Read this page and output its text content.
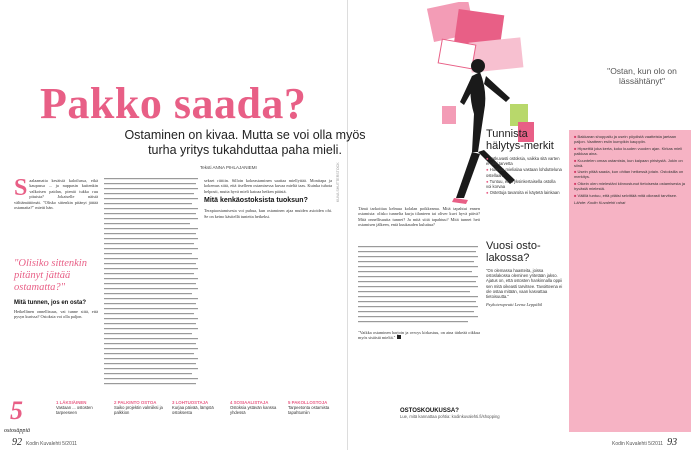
Pakko saada?
Ostaminen on kivaa. Mutta se voi olla myös turha yritys tukahduttaa paha mieli.
Teksti ANNA PIHLAJANIEMI
S aalaamatta kesäisiä kaloilussa, eikä kaupassa ... ja nappasin kuitenkin valkoisen paidan, pieniä tukka ruu pituista? Jokaiselle näistä välttämättömät. "Olisko sittenkin pitänyt jättää ostamatta?" mietti hän.
"Olisiko sittenkin pitänyt jättää ostamatta?"
Mitä tunnen, jos en osta?
Hetkellinen onnellisuus, vai tunne siitä, että pysyn kurissa? Ostoksia voi olla paljon.
sekset riittiin. Silloin kokeastaminen saattaa miellyttää. Monitapa ja kokemus siitä, että itselleen ostamisessa kuvaa mieltä taas. Kuinka tuhota helposti, mutta hyvä mieli katoaa hetken päästä.
Mitä kenkäostoksista tuoksun?
Terapiaostamisesta voi puhua, kun ostaminen ajaa muiden asioiden ohi. Se on keino käsitellä tunteita hetkeksi.
KUVA SHUTTERSTOCK
Tämä tarkoittaa kelmua kolalan poikkeama. Mitä tapahtui ennen ostamista: olisko tunnelta kurja tilanteen tai oliver kuvi hyvä päivä? Mitä onnellisuutta tunnet? Ja mitä siitä tapahtuu? Mitä tunnet heti ostamisen jälkeen, entä kuukauden kuluttua?
"Vaikka ostaminen harjoin ja ovwys kirkastuu, on aina tärkeää oikkua myös sisäistä mieltä."
Tunnista hälytys-merkit
● Jatkuvasti ostoksia, vaikka sitä varten ei olisi tarvetta
● Huonoa mielialaa vastaan lohdutteluna ostellaan
● Tuntuu, ettei yksinkertaisella ostolla voi korvaa
● Ostettuja tavaroita ei käytetä lainkaan
Vuosi osto-lakossa?
"On olemassa haasteita, joissa ostoslakossa oleminen yritetään jakso. Ajatus on, että ostosten hankinnalla oppii sen mitä oikeasti tarvitsee. Tavoitteena ei ole ostaa mitään, vaan kasvattaa tietoisuutta."
Psykoterapeutti Leena Leppäläl
"Ostan, kun olo on lässähtänyt"

■ Bakkaran shoppailu ja usein pöydistä vaatteista jaetaan paljon. Vaatteen esiin kumpikin kauppiin.

■ Hipsettiä joka kerta, koko kuuden vuoden ajan. Kirkas mieli paikkaa aina.

■ Kuuntelen omaa ostamista, kun kaipaan piristystä. Jokin on siinä.

■ Usein pitää saada, kun ohitan hetkessä jotain. Ostoksilla on merkitys.

■ Oikein olen mielestäni kiinnostunut tietoisesta ostamisesta ja hyvästä mielestä.

■ Välillä tuntuu, että pitäisi selvittää mitä oikeasti tarvitsee.

Lähde: Kodin Kuvalehti rahat

5
ostosäppiä
1 LÄKSIÄINEN
Vastaan ... ostosten tarpeeseen
2 PALKINTO OSTOA
Saiko projektin valmiiksi ja palkkion
3 LOHTUOSTAJA
Kurjaa päivää, lämpöä ostoksesta
4 SOSIAALISTAJA
Ostoksia ystävän kanssa yhdessä
5 PAKOLLOSTOJA
Tarpeetonta ostamista tapahtumiin	OSTOSKOUKUSSA?
Lue, mitä kannattaa pohtia: kodinkuvalehti.fi/shopping
92 Kodin Kuvalehti 5/2011	Kodin Kuvalehti 5/2011 93
